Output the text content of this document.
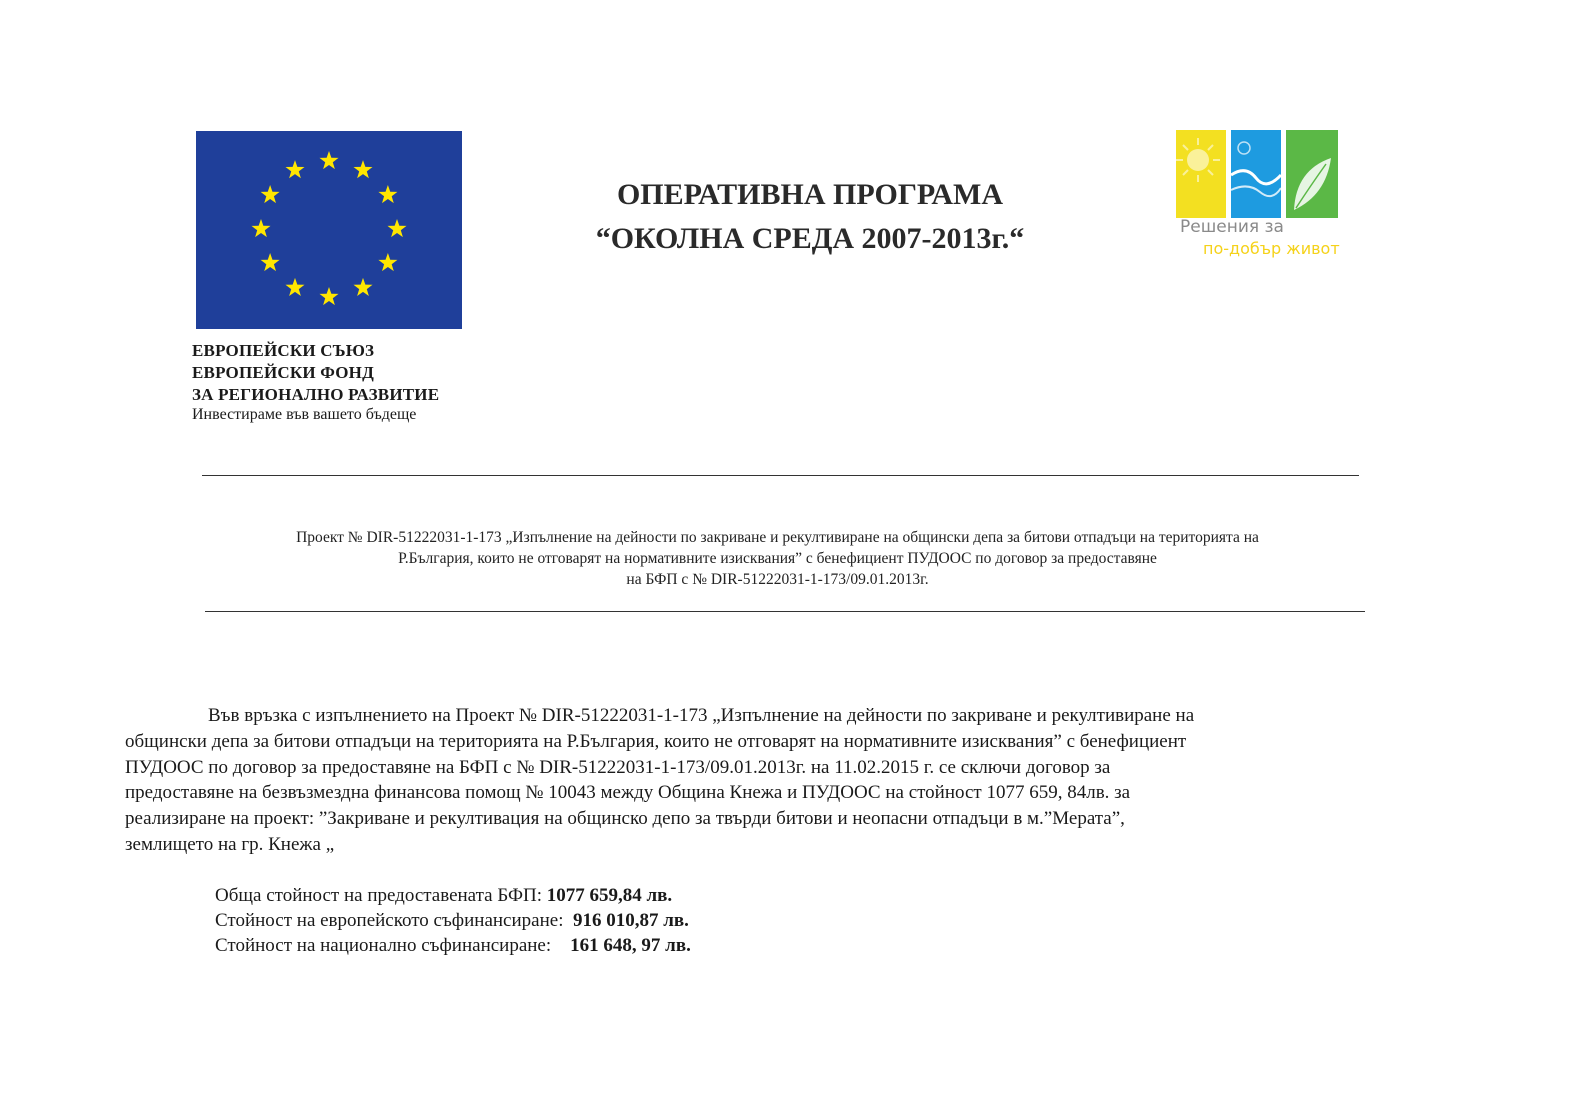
ЕВРОПЕЙСКИ СЪЮЗ
ЕВРОПЕЙСКИ ФОНД
ЗА РЕГИОНАЛНО РАЗВИТИЕ
Инвестираме във вашето бъдеще
ОПЕРАТИВНА ПРОГРАМА
“ОКОЛНА СРЕДА 2007-2013г.“	Решения за
по-добър живот
Проект № DIR-51222031-1-173 „Изпълнение на дейности по закриване и рекултивиране на общински депа за битови отпадъци на територията на
Р.България, които не отговарят на нормативните изисквания” с бенефициент ПУДООС по договор за предоставяне
на БФП с № DIR-51222031-1-173/09.01.2013г.
Във връзка с изпълнението на Проект № DIR-51222031-1-173 „Изпълнение на дейности по закриване и рекултивиране на
общински депа за битови отпадъци на територията на Р.България, които не отговарят на нормативните изисквания” с бенефициент
ПУДООС по договор за предоставяне на БФП с № DIR-51222031-1-173/09.01.2013г. на 11.02.2015 г. се сключи договор за
предоставяне на безвъзмездна финансова помощ № 10043 между Община Кнежа и ПУДООС на стойност 1077 659, 84лв. за
реализиране на проект: ”Закриване и рекултивация на общинско депо за твърди битови и неопасни отпадъци в м.”Мерата”,
землището на гр. Кнежа „
Обща стойност на предоставената БФП: 1077 659,84 лв.
Стойност на европейското съфинансиране:  916 010,87 лв.
Стойност на национално съфинансиране:    161 648, 97 лв.
